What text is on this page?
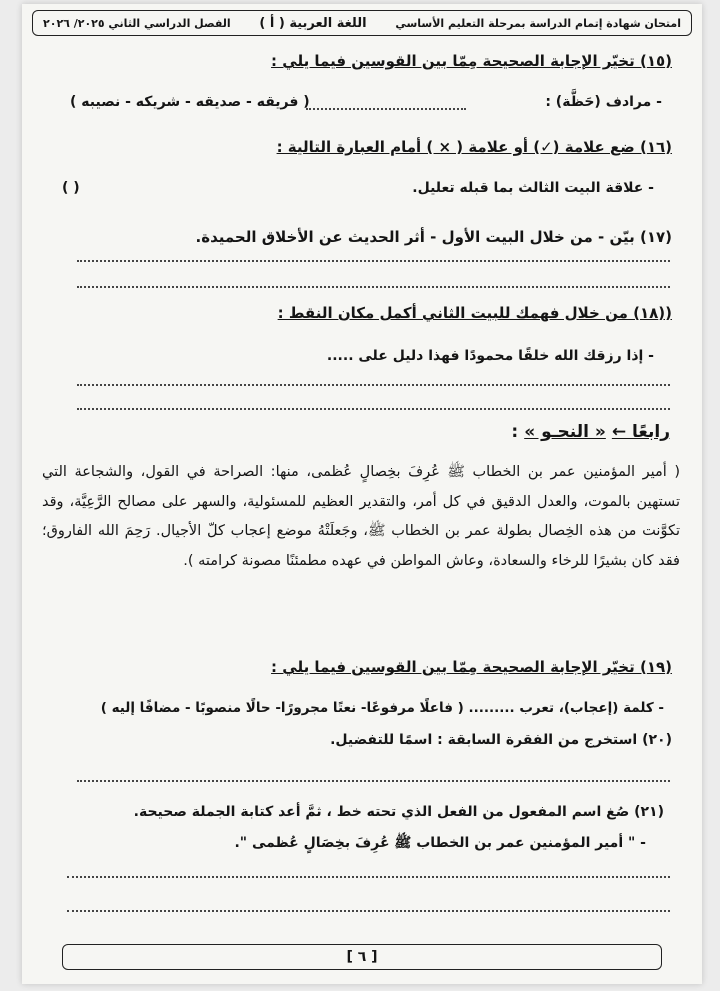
امتحان شهادة إتمام الدراسة بمرحلة التعليم الأساسي
اللغة العربية ( أ )
الفصل الدراسي الثاني ٢٠٢٥/ ٢٠٢٦
(١٥) تخيّر الإجابة الصحيحة مِمّا بين القوسين فيما يلي :
- مرادف (حَظَّة) :
( فريقه - صديقه - شريكه - نصيبه )
(١٦) ضع علامة (✓) أو علامة ( × ) أمام العبارة التالية :
- علاقة البيت الثالث بما قبله تعليل.
( )
(١٧) بيّن - من خلال البيت الأول - أثر الحديث عن الأخلاق الحميدة.
((١٨) من خلال فهمك للبيت الثاني أكمل مكان النقط :
- إذا رزقك الله خلقًا محمودًا فهذا دليل على .....
رابعًا ←
« النحـو »
:
( أمير المؤمنين عمر بن الخطاب ﷺ عُرِفَ بخِصالٍ عُظمى، منها: الصراحة في القول، والشجاعة التي تستهين بالموت، والعدل الدقيق في كل أمر، والتقدير العظيم للمسئولية، والسهر على مصالح الرَّعِيَّة، وقد تكوَّنت من هذه الخِصال بطولة عمر بن الخطاب ﷺ، وجَعلَتْهُ موضع إعجاب كلّ الأجيال. رَحِمَ الله الفاروق؛ فقد كان بشيرًا للرخاء والسعادة، وعاش المواطن في عهده مطمئنًا مصونة كرامته ).
(١٩) تخيّر الإجابة الصحيحة مِمّا بين القوسين فيما يلي :
- كلمة (إعجاب)، تعرب ......... ( فاعلًا مرفوعًا- نعتًا مجرورًا- حالًا منصوبًا - مضافًا إليه )
(٢٠) استخرج من الفقرة السابقة : اسمًا للتفضيل.
(٢١) صُغ اسم المفعول من الفعل الذي تحته خط ، ثمَّ أعد كتابة الجملة صحيحة.
- " أمير المؤمنين عمر بن الخطاب ﷺ عُرِفَ بخِصَالٍ عُظمى ".
[ ٦ ]
